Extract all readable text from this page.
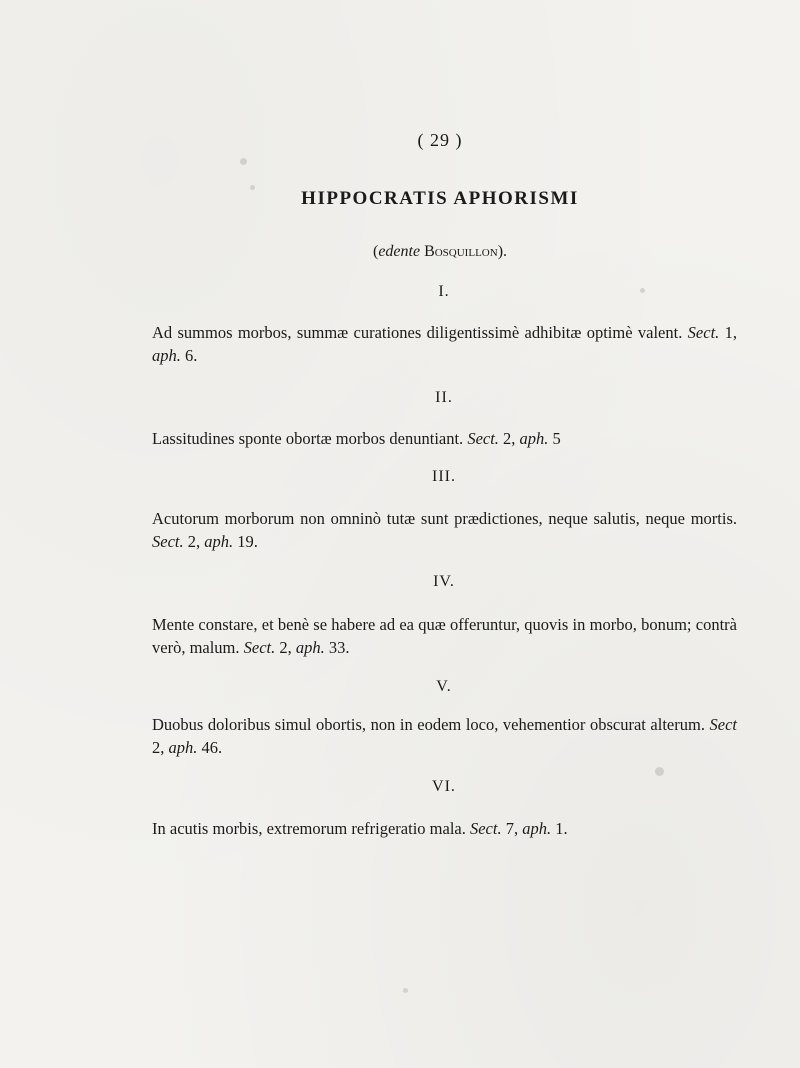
( 29 )
HIPPOCRATIS APHORISMI
(edente Bosquillon).
I.
Ad summos morbos, summæ curationes diligentissimè adhibitæ optimè valent. Sect. 1, aph. 6.
II.
Lassitudines sponte obortæ morbos denuntiant. Sect. 2, aph. 5
III.
Acutorum morborum non omninò tutæ sunt prædictiones, neque salutis, neque mortis. Sect. 2, aph. 19.
IV.
Mente constare, et benè se habere ad ea quæ offeruntur, quovis in morbo, bonum; contrà verò, malum. Sect. 2, aph. 33.
V.
Duobus doloribus simul obortis, non in eodem loco, vehementior obscurat alterum. Sect 2, aph. 46.
VI.
In acutis morbis, extremorum refrigeratio mala. Sect. 7, aph. 1.
